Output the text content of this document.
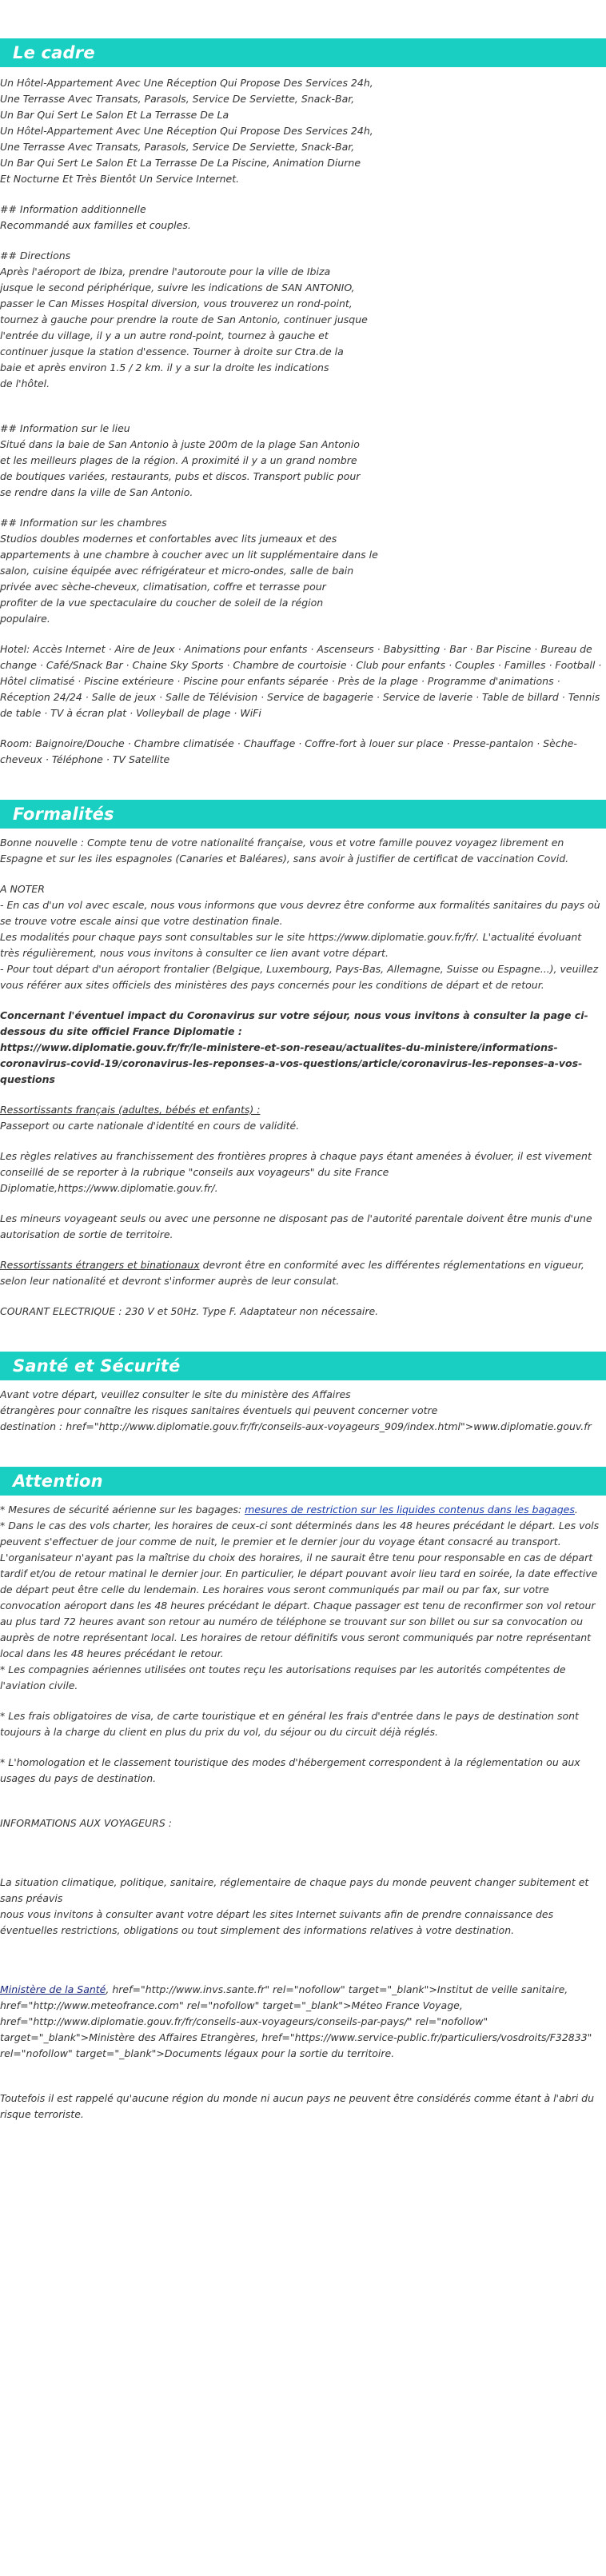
Le cadre

Un Hôtel-Appartement Avec Une Réception Qui Propose Des Services 24h,
Une Terrasse Avec Transats, Parasols, Service De Serviette, Snack-Bar,
Un Bar Qui Sert Le Salon Et La Terrasse De La
Un Hôtel-Appartement Avec Une Réception Qui Propose Des Services 24h,
Une Terrasse Avec Transats, Parasols, Service De Serviette, Snack-Bar,
Un Bar Qui Sert Le Salon Et La Terrasse De La Piscine, Animation Diurne
Et Nocturne Et Très Bientôt Un Service Internet.

## Information additionnelle
Recommandé aux familles et couples.

## Directions
Après l'aéroport de Ibiza, prendre l'autoroute pour la ville de Ibiza
jusque le second périphérique, suivre les indications de SAN ANTONIO,
passer le Can Misses Hospital diversion, vous trouverez un rond-point,
tournez à gauche pour prendre la route de San Antonio, continuer jusque
l'entrée du village, il y a un autre rond-point, tournez à gauche et
continuer jusque la station d'essence. Tourner à droite sur Ctra.de la
baie et après environ 1.5 / 2 km. il y a sur la droite les indications
de l'hôtel.

## Information sur le lieu
Situé dans la baie de San Antonio à juste 200m de la plage San Antonio
et les meilleurs plages de la région. A proximité il y a un grand nombre
de boutiques variées, restaurants, pubs et discos. Transport public pour
se rendre dans la ville de San Antonio.

## Information sur les chambres
Studios doubles modernes et confortables avec lits jumeaux et des
appartements à une chambre à coucher avec un lit supplémentaire dans le
salon, cuisine équipée avec réfrigérateur et micro-ondes, salle de bain
privée avec sèche-cheveux, climatisation, coffre et terrasse pour
profiter de la vue spectaculaire du coucher de soleil de la région
populaire.

Hotel: Accès Internet · Aire de Jeux · Animations pour enfants · Ascenseurs · Babysitting · Bar · Bar Piscine · Bureau de change · Café/Snack Bar · Chaine Sky Sports · Chambre de courtoisie · Club pour enfants · Couples · Familles · Football · Hôtel climatisé · Piscine extérieure · Piscine pour enfants séparée · Près de la plage · Programme d'animations · Réception 24/24 · Salle de jeux · Salle de Télévision · Service de bagagerie · Service de laverie · Table de billard · Tennis de table · TV à écran plat · Volleyball de plage · WiFi

Room: Baignoire/Douche · Chambre climatisée · Chauffage · Coffre-fort à louer sur place · Presse-pantalon · Sèche-cheveux · Téléphone · TV Satellite

Formalités

Bonne nouvelle : Compte tenu de votre nationalité française, vous et votre famille pouvez voyagez librement en Espagne et sur les iles espagnoles (Canaries et Baléares), sans avoir à justifier de certificat de vaccination Covid.

A NOTER
- En cas d'un vol avec escale, nous vous informons que vous devrez être conforme aux formalités sanitaires du pays où se trouve votre escale ainsi que votre destination finale.
Les modalités pour chaque pays sont consultables sur le site https://www.diplomatie.gouv.fr/fr/. L'actualité évoluant très régulièrement, nous vous invitons à consulter ce lien avant votre départ.
- Pour tout départ d'un aéroport frontalier (Belgique, Luxembourg, Pays-Bas, Allemagne, Suisse ou Espagne...), veuillez vous référer aux sites officiels des ministères des pays concernés pour les conditions de départ et de retour.

Concernant l'éventuel impact du Coronavirus sur votre séjour, nous vous invitons à consulter la page ci-dessous du site officiel France Diplomatie :
https://www.diplomatie.gouv.fr/fr/le-ministere-et-son-reseau/actualites-du-ministere/informations-coronavirus-covid-19/coronavirus-les-reponses-a-vos-questions/article/coronavirus-les-reponses-a-vos-questions

Ressortissants français (adultes, bébés et enfants) :
Passeport ou carte nationale d'identité en cours de validité.

Les règles relatives au franchissement des frontières propres à chaque pays étant amenées à évoluer, il est vivement conseillé de se reporter à la rubrique "conseils aux voyageurs" du site France Diplomatie,https://www.diplomatie.gouv.fr/.

Les mineurs voyageant seuls ou avec une personne ne disposant pas de l'autorité parentale doivent être munis d'une autorisation de sortie de territoire.

Ressortissants étrangers et binationaux devront être en conformité avec les différentes réglementations en vigueur, selon leur nationalité et devront s'informer auprès de leur consulat.

COURANT ELECTRIQUE : 230 V et 50Hz. Type F. Adaptateur non nécessaire.

Santé et Sécurité

Avant votre départ, veuillez consulter le site du ministère des Affaires
étrangères pour connaître les risques sanitaires éventuels qui peuvent concerner votre
destination : href="http://www.diplomatie.gouv.fr/fr/conseils-aux-voyageurs_909/index.html">www.diplomatie.gouv.fr

Attention

* Mesures de sécurité aérienne sur les bagages: mesures de restriction sur les liquides contenus dans les bagages.

* Dans le cas des vols charter, les horaires de ceux-ci sont déterminés dans les 48 heures précédant le départ. Les vols peuvent s'effectuer de jour comme de nuit, le premier et le dernier jour du voyage étant consacré au transport. L'organisateur n'ayant pas la maîtrise du choix des horaires, il ne saurait être tenu pour responsable en cas de départ tardif et/ou de retour matinal le dernier jour. En particulier, le départ pouvant avoir lieu tard en soirée, la date effective de départ peut être celle du lendemain. Les horaires vous seront communiqués par mail ou par fax, sur votre convocation aéroport dans les 48 heures précédant le départ. Chaque passager est tenu de reconfirmer son vol retour au plus tard 72 heures avant son retour au numéro de téléphone se trouvant sur son billet ou sur sa convocation ou auprès de notre représentant local. Les horaires de retour définitifs vous seront communiqués par notre représentant local dans les 48 heures précédant le retour.
* Les compagnies aériennes utilisées ont toutes reçu les autorisations requises par les autorités compétentes de l'aviation civile.

* Les frais obligatoires de visa, de carte touristique et en général les frais d'entrée dans le pays de destination sont toujours à la charge du client en plus du prix du vol, du séjour ou du circuit déjà réglés.

* L'homologation et le classement touristique des modes d'hébergement correspondent à la réglementation ou aux usages du pays de destination.

INFORMATIONS AUX VOYAGEURS :

La situation climatique, politique, sanitaire, réglementaire de chaque pays du monde peuvent changer subitement et sans préavis
nous vous invitons à consulter avant votre départ les sites Internet suivants afin de prendre connaissance des éventuelles restrictions, obligations ou tout simplement des informations relatives à votre destination.

Ministère de la Santé, href="http://www.invs.sante.fr" rel="nofollow" target="_blank">Institut de veille sanitaire, href="http://www.meteofrance.com" rel="nofollow" target="_blank">Méteo France Voyage, href="http://www.diplomatie.gouv.fr/fr/conseils-aux-voyageurs/conseils-par-pays/" rel="nofollow" target="_blank">Ministère des Affaires Etrangères, href="https://www.service-public.fr/particuliers/vosdroits/F32833" rel="nofollow" target="_blank">Documents légaux pour la sortie du territoire.

Toutefois il est rappelé qu'aucune région du monde ni aucun pays ne peuvent être considérés comme étant à l'abri du risque terroriste.
